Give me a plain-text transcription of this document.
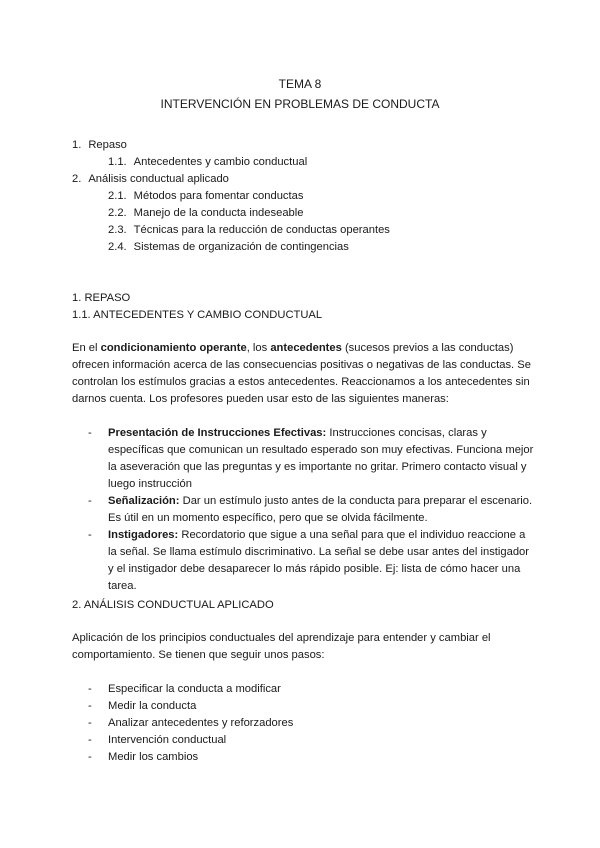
TEMA 8
INTERVENCIÓN EN PROBLEMAS DE CONDUCTA
1. Repaso
1.1. Antecedentes y cambio conductual
2. Análisis conductual aplicado
2.1. Métodos para fomentar conductas
2.2. Manejo de la conducta indeseable
2.3. Técnicas para la reducción de conductas operantes
2.4. Sistemas de organización de contingencias
1. REPASO
1.1. ANTECEDENTES Y CAMBIO CONDUCTUAL

En el condicionamiento operante, los antecedentes (sucesos previos a las conductas) ofrecen información acerca de las consecuencias positivas o negativas de las conductas. Se controlan los estímulos gracias a estos antecedentes. Reaccionamos a los antecedentes sin darnos cuenta. Los profesores pueden usar esto de las siguientes maneras:

- Presentación de Instrucciones Efectivas: Instrucciones concisas, claras y específicas que comunican un resultado esperado son muy efectivas. Funciona mejor la aseveración que las preguntas y es importante no gritar. Primero contacto visual y luego instrucción
- Señalización: Dar un estímulo justo antes de la conducta para preparar el escenario. Es útil en un momento específico, pero que se olvida fácilmente.
- Instigadores: Recordatorio que sigue a una señal para que el individuo reaccione a la señal. Se llama estímulo discriminativo. La señal se debe usar antes del instigador y el instigador debe desaparecer lo más rápido posible. Ej: lista de cómo hacer una tarea.
2. ANÁLISIS CONDUCTUAL APLICADO

Aplicación de los principios conductuales del aprendizaje para entender y cambiar el comportamiento. Se tienen que seguir unos pasos:

- Especificar la conducta a modificar
- Medir la conducta
- Analizar antecedentes y reforzadores
- Intervención conductual
- Medir los cambios
